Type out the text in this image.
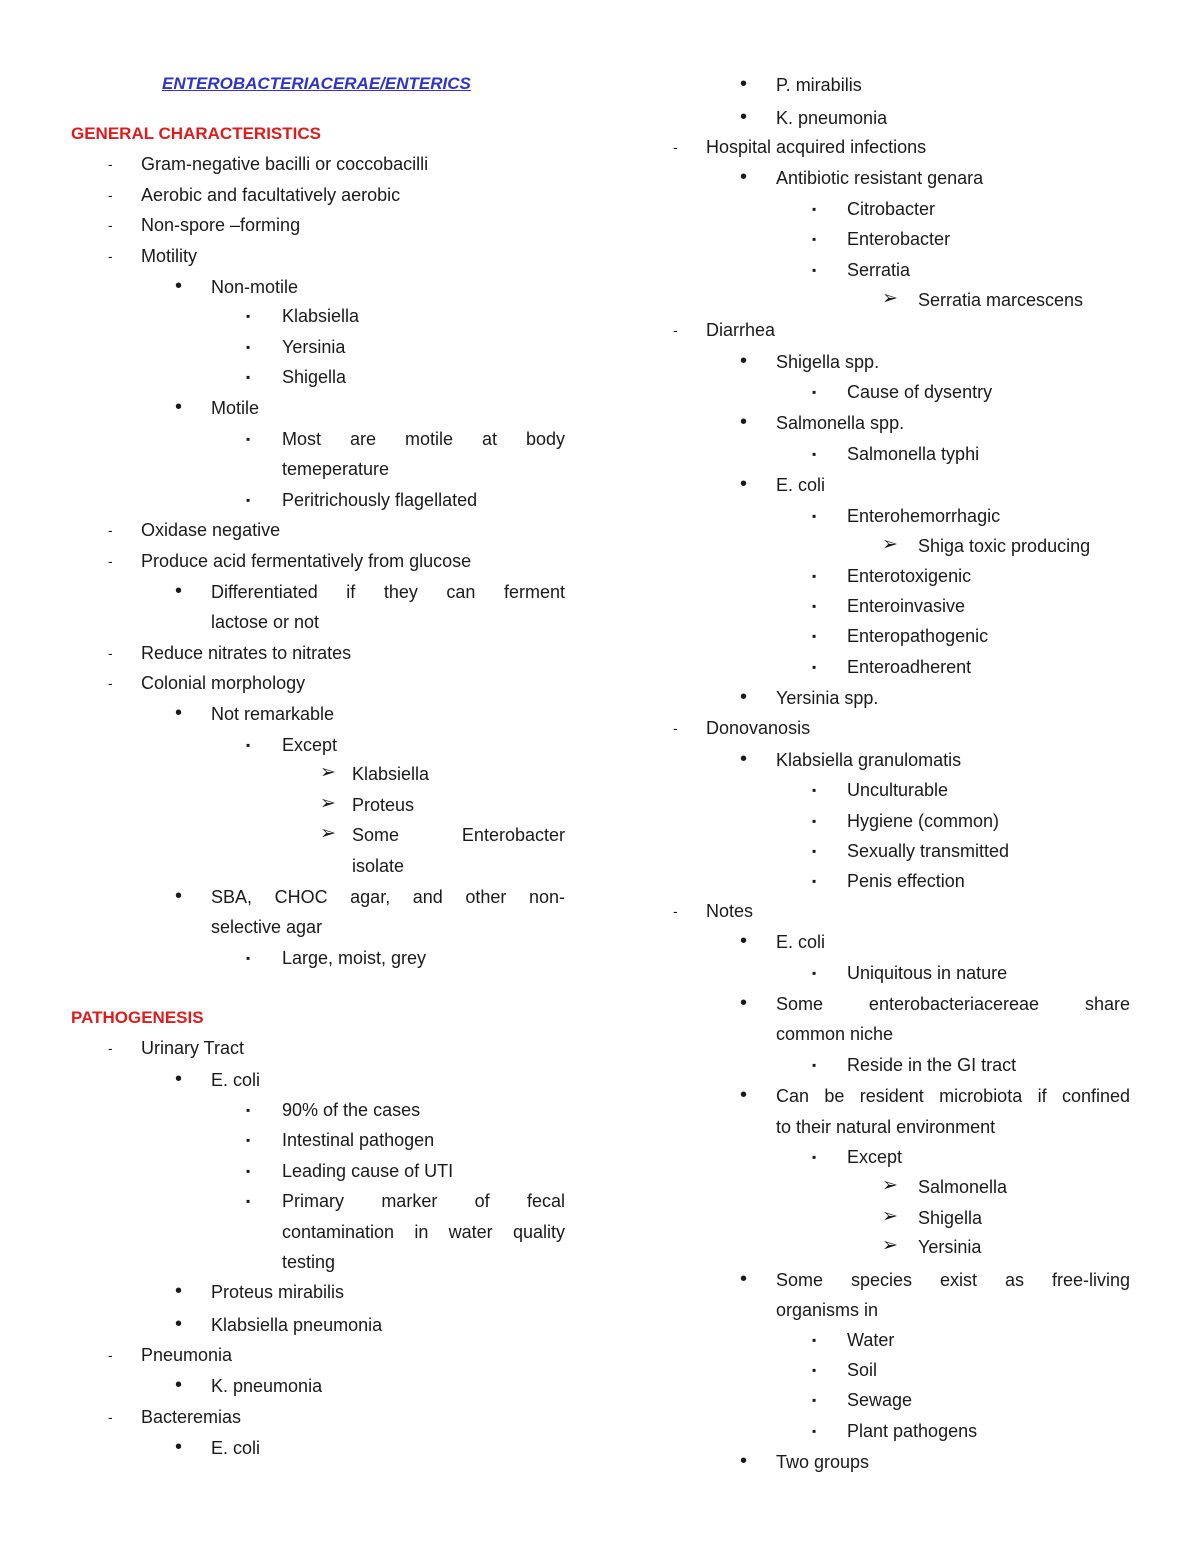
ENTEROBACTERIACERAE/ENTERICS
GENERAL CHARACTERISTICS
-	Gram-negative bacilli or coccobacilli
-	Aerobic and facultatively aerobic
-	Non-spore –forming
-	Motility
•	Non-motile
▪	Klabsiella
▪	Yersinia
▪	Shigella
•	Motile
▪	Most are motile at body
temeperature
▪	Peritrichously flagellated
-	Oxidase negative
-	Produce acid fermentatively from glucose
•	Differentiated if they can ferment
lactose or not
-	Reduce nitrates to nitrates
-	Colonial morphology
•	Not remarkable
▪	Except
➢ Klabsiella
➢ Proteus
➢ Some Enterobacter
isolate
•	SBA, CHOC agar, and other non-
selective agar
▪	Large, moist, grey
PATHOGENESIS
-	Urinary Tract
•	E. coli
▪	90% of the cases
▪	Intestinal pathogen
▪	Leading cause of UTI
▪	Primary marker of fecal
contamination in water quality
testing
•	Proteus mirabilis
•	Klabsiella pneumonia
-	Pneumonia
•	K. pneumonia
-	Bacteremias
•	E. coli
•	P. mirabilis
•	K. pneumonia
-	Hospital acquired infections
•	Antibiotic resistant genara
▪	Citrobacter
▪	Enterobacter
▪	Serratia
➢ Serratia marcescens
-	Diarrhea
•	Shigella spp.
▪	Cause of dysentry
•	Salmonella spp.
▪	Salmonella typhi
•	E. coli
▪	Enterohemorrhagic
➢ Shiga toxic producing
▪	Enterotoxigenic
▪	Enteroinvasive
▪	Enteropathogenic
▪	Enteroadherent
•	Yersinia spp.
-	Donovanosis
•	Klabsiella granulomatis
▪	Unculturable
▪	Hygiene (common)
▪	Sexually transmitted
▪	Penis effection
-	Notes
•	E. coli
▪	Uniquitous in nature
•	Some enterobacteriacereae share
common niche
▪	Reside in the GI tract
•	Can be resident microbiota if confined
to their natural environment
▪	Except
➢ Salmonella
➢ Shigella
➢ Yersinia
•	Some species exist as free-living
organisms in
▪	Water
▪	Soil
▪	Sewage
▪	Plant pathogens
•	Two groups
